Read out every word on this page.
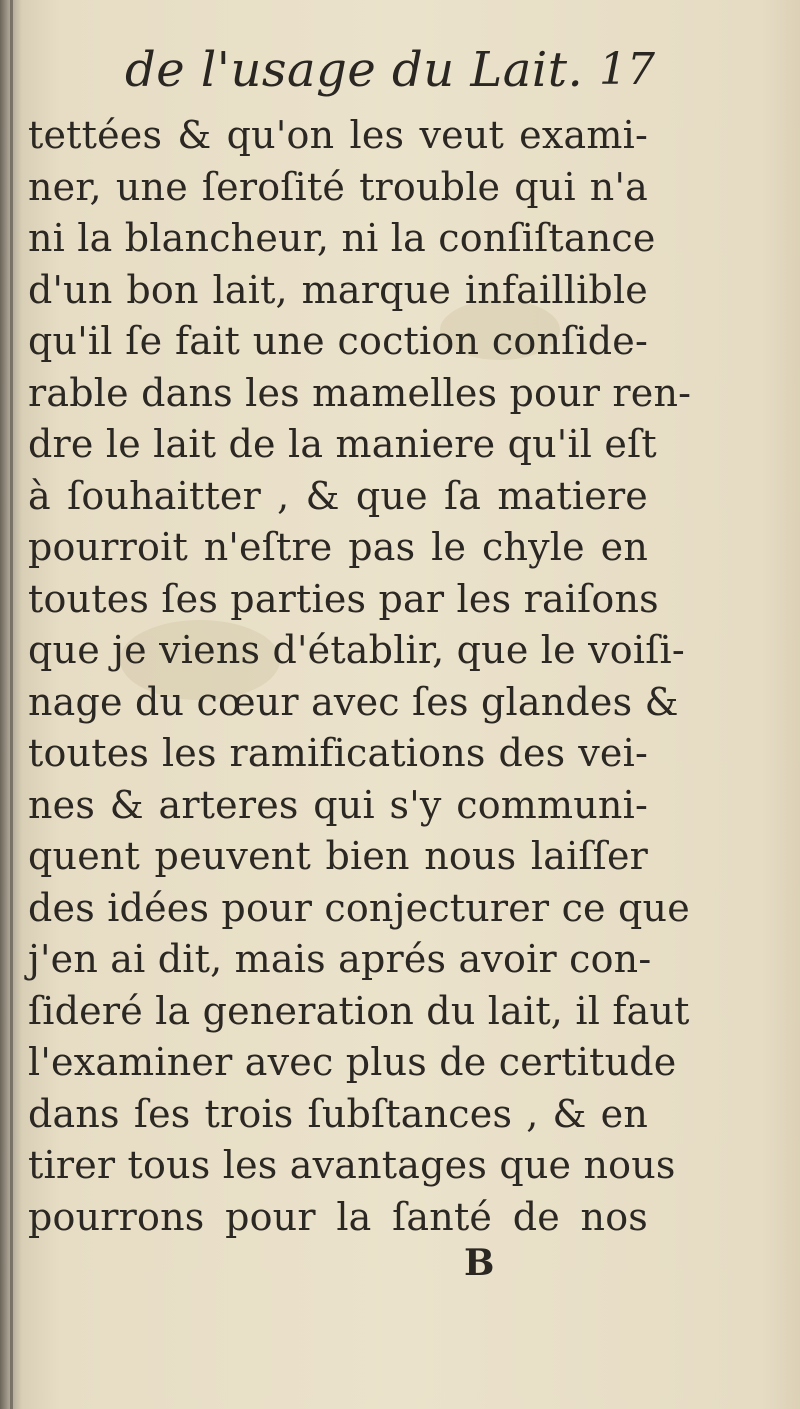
de l'usage du Lait. 17
tettées & qu'on les veut exami-
ner, une ſeroſité trouble qui n'a
ni la blancheur, ni la conſiſtance
d'un bon lait, marque infaillible
qu'il ſe fait une coction conſide-
rable dans les mamelles pour ren-
dre le lait de la maniere qu'il eſt
à ſouhaitter , & que ſa matiere
pourroit n'eſtre pas le chyle en
toutes ſes parties par les raiſons
que je viens d'établir, que le voiſi-
nage du cœur avec ſes glandes &
toutes les ramifications des vei-
nes & arteres qui s'y communi-
quent peuvent bien nous laiſſer
des idées pour conjecturer ce que
j'en ai dit, mais aprés avoir con-
ſideré la generation du lait, il faut
l'examiner avec plus de certitude
dans ſes trois ſubſtances , & en
tirer tous les avantages que nous
pourrons pour la ſanté de nos
B
